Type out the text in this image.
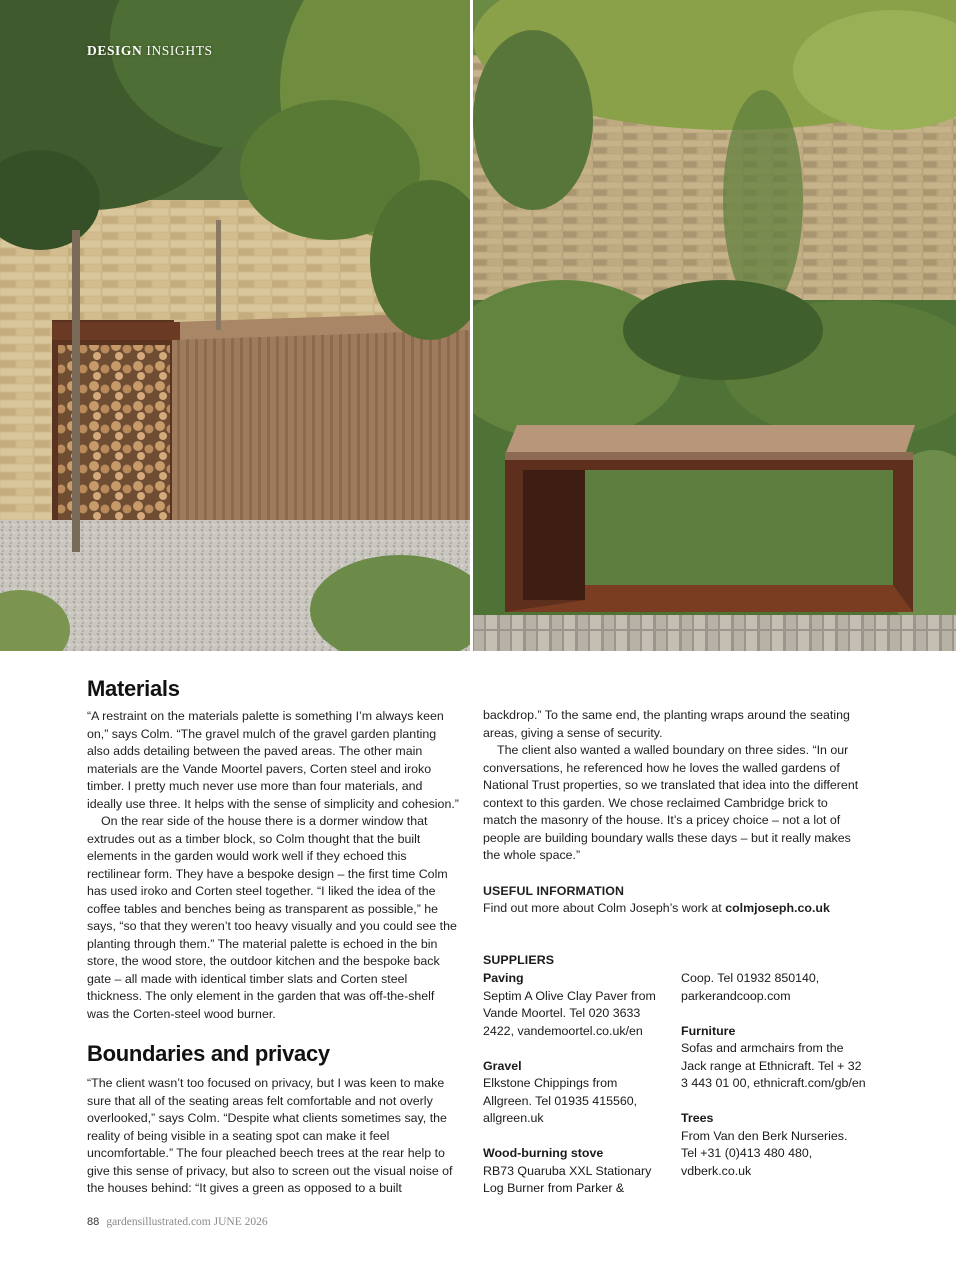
DESIGN INSIGHTS
Materials

“A restraint on the materials palette is something I’m always keen on,” says Colm. “The gravel mulch of the gravel garden planting also adds detailing between the paved areas. The other main materials are the Vande Moortel pavers, Corten steel and iroko timber. I pretty much never use more than four materials, and ideally use three. It helps with the sense of simplicity and cohesion.”

On the rear side of the house there is a dormer window that extrudes out as a timber block, so Colm thought that the built elements in the garden would work well if they echoed this rectilinear form. They have a bespoke design – the first time Colm has used iroko and Corten steel together. “I liked the idea of the coffee tables and benches being as transparent as possible,” he says, “so that they weren’t too heavy visually and you could see the planting through them.” The material palette is echoed in the bin store, the wood store, the outdoor kitchen and the bespoke back gate – all made with identical timber slats and Corten steel thickness. The only element in the garden that was off-the-shelf was the Corten-steel wood burner.

Boundaries and privacy

“The client wasn’t too focused on privacy, but I was keen to make sure that all of the seating areas felt comfortable and not overly overlooked,” says Colm. “Despite what clients sometimes say, the reality of being visible in a seating spot can make it feel uncomfortable.” The four pleached beech trees at the rear help to give this sense of privacy, but also to screen out the visual noise of the houses behind: “It gives a green as opposed to a built

backdrop.” To the same end, the planting wraps around the seating areas, giving a sense of security.

The client also wanted a walled boundary on three sides. “In our conversations, he referenced how he loves the walled gardens of National Trust properties, so we translated that idea into the different context to this garden. We chose reclaimed Cambridge brick to match the masonry of the house. It’s a pricey choice – not a lot of people are building boundary walls these days – but it really makes the whole space.”

USEFUL INFORMATION

Find out more about Colm Joseph’s work at colmjoseph.co.uk

SUPPLIERS
Paving
Septim A Olive Clay Paver from Vande Moortel. Tel 020 3633 2422, vandemoortel.co.uk/en
Gravel
Elkstone Chippings from Allgreen. Tel 01935 415560, allgreen.uk
Wood-burning stove
RB73 Quaruba XXL Stationary Log Burner from Parker &
Coop. Tel 01932 850140, parkerandcoop.com
Furniture
Sofas and armchairs from the Jack range at Ethnicraft. Tel + 32 3 443 01 00, ethnicraft.com/gb/en
Trees
From Van den Berk Nurseries. Tel +31 (0)413 480 480, vdberk.co.uk
88 gardensillustrated.com JUNE 2026
